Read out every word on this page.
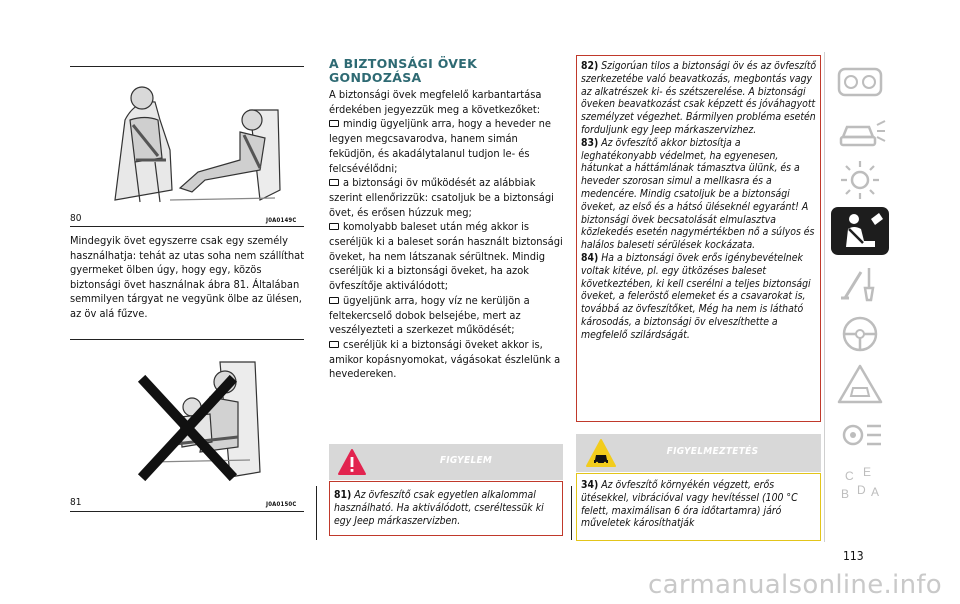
80	J0A0149C
Mindegyik övet egyszerre csak egy személy használhatja: tehát az utas soha nem szállíthat gyermeket ölben úgy, hogy egy, közös biztonsági övet használnak ábra 81. Általában semmilyen tárgyat ne vegyünk ölbe az ülésen, az öv alá fűzve.
81	J0A0150C
A BIZTONSÁGI ÖVEK
GONDOZÁSA
A biztonsági övek megfelelő karbantartása érdekében jegyezzük meg a következőket:
mindig ügyeljünk arra, hogy a heveder ne legyen megcsavarodva, hanem simán feküdjön, és akadálytalanul tudjon le- és felcsévélődni;
a biztonsági öv működését az alábbiak szerint ellenőrizzük: csatoljuk be a biztonsági övet, és erősen húzzuk meg;
komolyabb baleset után még akkor is cseréljük ki a baleset során használt biztonsági öveket, ha nem látszanak sérültnek. Mindig cseréljük ki a biztonsági öveket, ha azok övfeszítője aktiválódott;
ügyeljünk arra, hogy víz ne kerüljön a feltekercselő dobok belsejébe, mert az veszélyezteti a szerkezet működését;
cseréljük ki a biztonsági öveket akkor is, amikor kopásnyomokat, vágásokat észlelünk a hevedereken.
FIGYELEM
81) Az övfeszítő csak egyetlen alkalommal használható. Ha aktiválódott, cseréltessük ki egy Jeep márkaszervizben.
82) Szigorúan tilos a biztonsági öv és az övfeszítő szerkezetébe való beavatkozás, megbontás vagy az alkatrészek ki- és szétszerelése. A biztonsági öveken beavatkozást csak képzett és jóváhagyott személyzet végezhet. Bármilyen probléma esetén forduljunk egy Jeep márkaszervizhez.
83) Az övfeszítő akkor biztosítja a leghatékonyabb védelmet, ha egyenesen, hátunkat a háttámlának támasztva ülünk, és a heveder szorosan simul a mellkasra és a medencére. Mindig csatoljuk be a biztonsági öveket, az első és a hátsó üléseknél egyaránt! A biztonsági övek becsatolását elmulasztva közlekedés esetén nagymértékben nő a súlyos és halálos baleseti sérülések kockázata.
84) Ha a biztonsági övek erős igénybevételnek voltak kitéve, pl. egy ütközéses baleset következtében, ki kell cserélni a teljes biztonsági öveket, a feleröstő elemeket és a csavarokat is, továbbá az övfeszítőket, Még ha nem is látható károsodás, a biztonsági öv elveszíthette a megfelelő szilárdságát.
FIGYELMEZTETÉS
34) Az övfeszítő környékén végzett, erős ütésekkel, vibrációval vagy hevítéssel (100 °C felett, maximálisan 6 óra időtartamra) járó műveletek károsíthatják
C E
B D A
113
carmanualsonline.info
